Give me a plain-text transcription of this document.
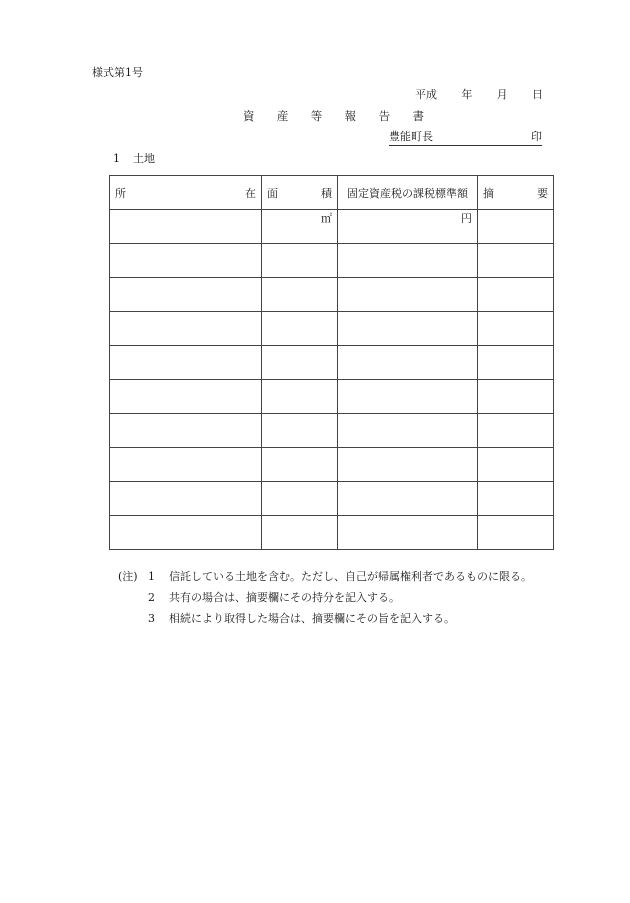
様式第1号
平成 年 月 日
資 産 等 報 告 書
豊能町長	印
1 土地
所 在	面 積	固定資産税の課税標準額	摘 要

	㎡	円	

(注) 1	信託している土地を含む。ただし、自己が帰属権利者であるものに限る。
2	共有の場合は、摘要欄にその持分を記入する。
3	相続により取得した場合は、摘要欄にその旨を記入する。
